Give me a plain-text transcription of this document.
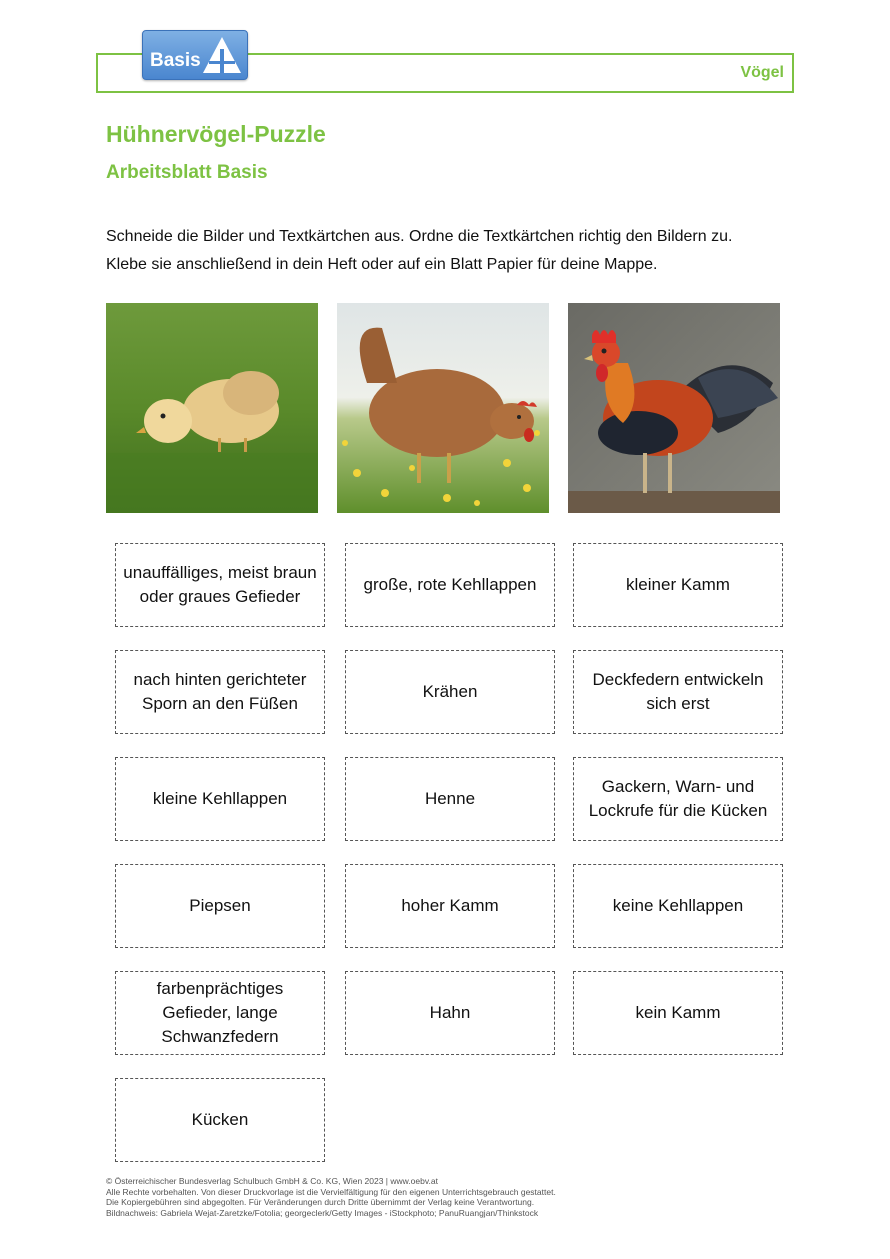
Basis
Vögel
Hühnervögel-Puzzle
Arbeitsblatt Basis

Schneide die Bilder und Textkärtchen aus. Ordne die Textkärtchen richtig den Bildern zu.

Klebe sie anschließend in dein Heft oder auf ein Blatt Papier für deine Mappe.

unauffälliges, meist braun oder graues Gefieder
große, rote Kehllappen	kleiner Kamm
nach hinten gerichteter Sporn an den Füßen
Krähen
Deckfedern entwickeln sich erst
kleine Kehllappen	Henne
Gackern, Warn- und Lockrufe für die Kücken
Piepsen	hoher Kamm	keine Kehllappen
farbenprächtiges Gefieder, lange Schwanzfedern
Hahn	kein Kamm
Kücken
© Österreichischer Bundesverlag Schulbuch GmbH & Co. KG, Wien 2023 | www.oebv.at
Alle Rechte vorbehalten. Von dieser Druckvorlage ist die Vervielfältigung für den eigenen Unterrichtsgebrauch gestattet.
Die Kopiergebühren sind abgegolten. Für Veränderungen durch Dritte übernimmt der Verlag keine Verantwortung.
Bildnachweis: Gabriela Wejat-Zaretzke/Fotolia; georgeclerk/Getty Images - iStockphoto; PanuRuangjan/Thinkstock
